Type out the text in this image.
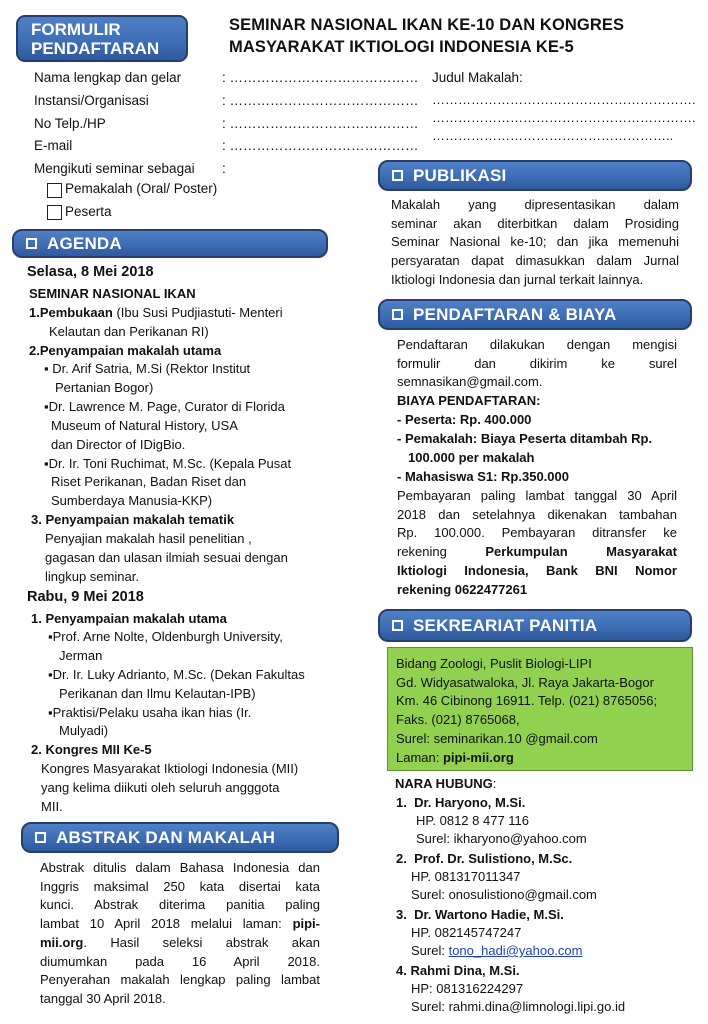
FORMULIR
PENDAFTARAN
SEMINAR NASIONAL IKAN KE-10 DAN KONGRES
MASYARAKAT IKTIOLOGI INDONESIA KE-5
Nama lengkap dan gelar	: ……………………………………
Instansi/Organisasi	: ……………………………………
No Telp./HP	: ……………………………………
E-mail	: ……………………………………
Mengikuti seminar sebagai :
Pemakalah (Oral/ Poster)
Peserta
Judul Makalah:
…………………………………………………….
…………………………………………………….
………………………………………………..
AGENDA
Selasa, 8 Mei 2018
SEMINAR NASIONAL IKAN
1.Pembukaan (Ibu Susi Pudjiastuti- Menteri
Kelautan dan Perikanan RI)
2.Penyampaian makalah utama
▪ Dr. Arif Satria, M.Si (Rektor Institut
Pertanian Bogor)
▪Dr. Lawrence M. Page, Curator di Florida
Museum of Natural History, USA
dan Director of IDigBio.
▪Dr. Ir. Toni Ruchimat, M.Sc. (Kepala Pusat
Riset Perikanan, Badan Riset dan
Sumberdaya Manusia-KKP)
3. Penyampaian makalah tematik
Penyajian makalah hasil penelitian ,
gagasan dan ulasan ilmiah sesuai dengan
lingkup seminar.
Rabu, 9 Mei 2018
1. Penyampaian makalah utama
▪Prof. Arne Nolte, Oldenburgh University,
Jerman
▪Dr. Ir. Luky Adrianto, M.Sc. (Dekan Fakultas
Perikanan dan Ilmu Kelautan-IPB)
▪Praktisi/Pelaku usaha ikan hias (Ir.
Mulyadi)
2. Kongres MII Ke-5
Kongres Masyarakat Iktiologi Indonesia (MII)
yang kelima diikuti oleh seluruh angggota
MII.
ABSTRAK DAN MAKALAH
Abstrak ditulis dalam Bahasa Indonesia dan
Inggris maksimal 250 kata disertai kata
kunci. Abstrak diterima panitia paling
lambat 10 April 2018 melalui laman: pipi-
mii.org. Hasil seleksi abstrak akan
diumumkan pada 16 April 2018.
Penyerahan makalah lengkap paling lambat
tanggal 30 April 2018.
PUBLIKASI
Makalah yang dipresentasikan dalam
seminar akan diterbitkan dalam Prosiding
Seminar Nasional ke-10; dan jika memenuhi
persyaratan dapat dimasukkan dalam Jurnal
Iktiologi Indonesia dan jurnal terkait lainnya.
PENDAFTARAN & BIAYA
Pendaftaran dilakukan dengan mengisi
formulir dan dikirim ke surel
semnasikan@gmail.com.
BIAYA PENDAFTARAN:
- Peserta: Rp. 400.000
- Pemakalah: Biaya Peserta ditambah Rp.
100.000 per makalah
- Mahasiswa S1: Rp.350.000
Pembayaran paling lambat tanggal 30 April
2018 dan setelahnya dikenakan tambahan
Rp. 100.000. Pembayaran ditransfer ke
rekening	Perkumpulan Masyarakat
Iktiologi Indonesia, Bank BNI Nomor
rekening 0622477261
SEKREARIAT PANITIA
Bidang Zoologi, Puslit Biologi-LIPI
Gd. Widyasatwaloka, Jl. Raya Jakarta-Bogor
Km. 46 Cibinong 16911. Telp. (021) 8765056;
Faks. (021) 8765068,
Surel: seminarikan.10 @gmail.com
Laman: pipi-mii.org
NARA HUBUNG:
1. Dr. Haryono, M.Si.
HP. 0812 8 477 116
Surel: ikharyono@yahoo.com
2. Prof. Dr. Sulistiono, M.Sc.
HP. 081317011347
Surel: onosulistiono@gmail.com
3. Dr. Wartono Hadie, M.Si.
HP. 082145747247
Surel: tono_hadi@yahoo.com
4. Rahmi Dina, M.Si.
HP: 081316224297
Surel: rahmi.dina@limnologi.lipi.go.id
